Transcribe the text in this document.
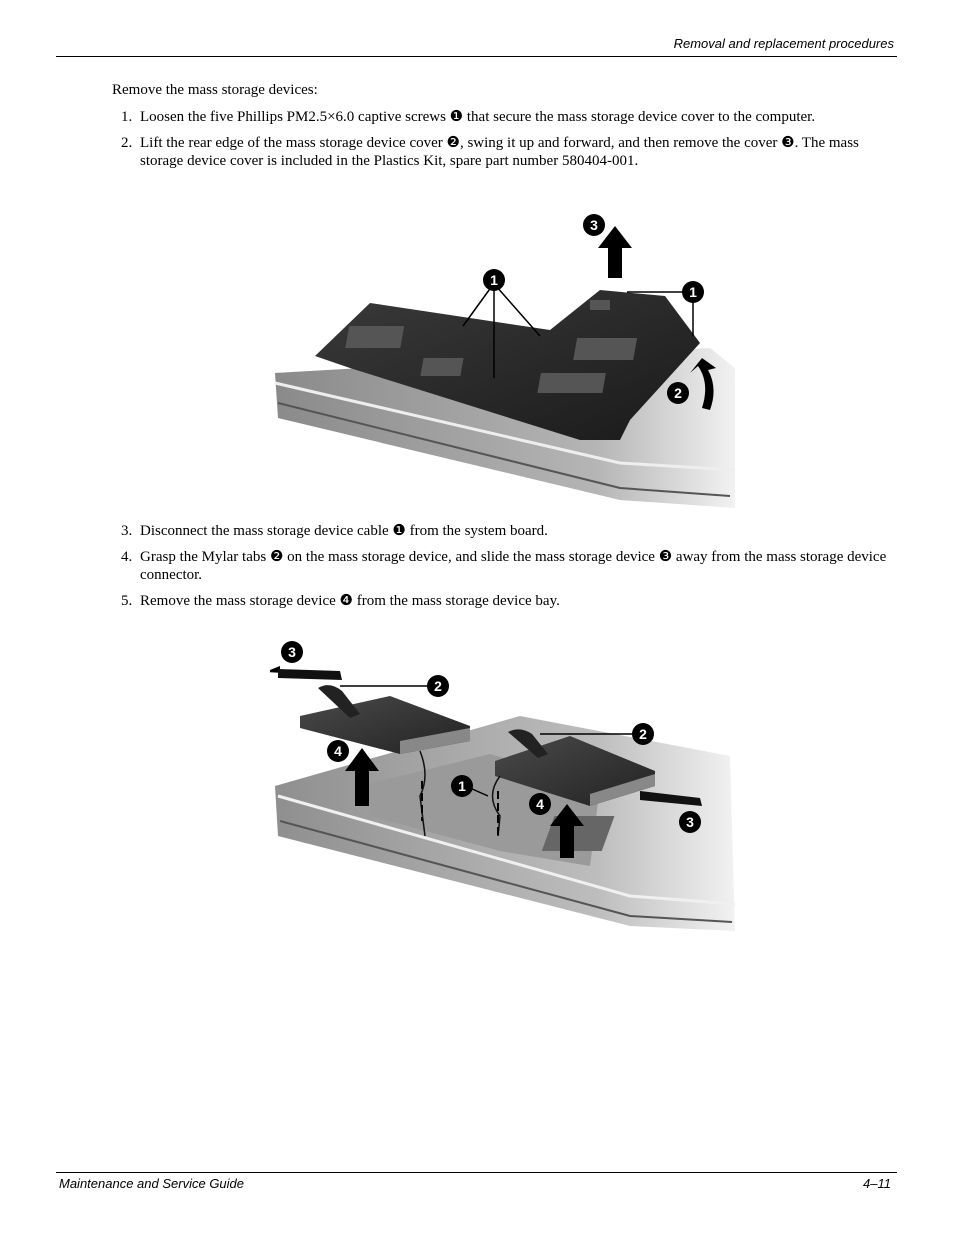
Removal and replacement procedures
Remove the mass storage devices:
1. Loosen the five Phillips PM2.5×6.0 captive screws ❶ that secure the mass storage device cover to the computer.
2. Lift the rear edge of the mass storage device cover ❷, swing it up and forward, and then remove the cover ❸. The mass storage device cover is included in the Plastics Kit, spare part number 580404-001.
1
1
2
3
3. Disconnect the mass storage device cable ❶ from the system board.
4. Grasp the Mylar tabs ❷ on the mass storage device, and slide the mass storage device ❸ away from the mass storage device connector.
5. Remove the mass storage device ❹ from the mass storage device bay.
3
2
4
1
2
4
3
Maintenance and Service Guide	4–11
